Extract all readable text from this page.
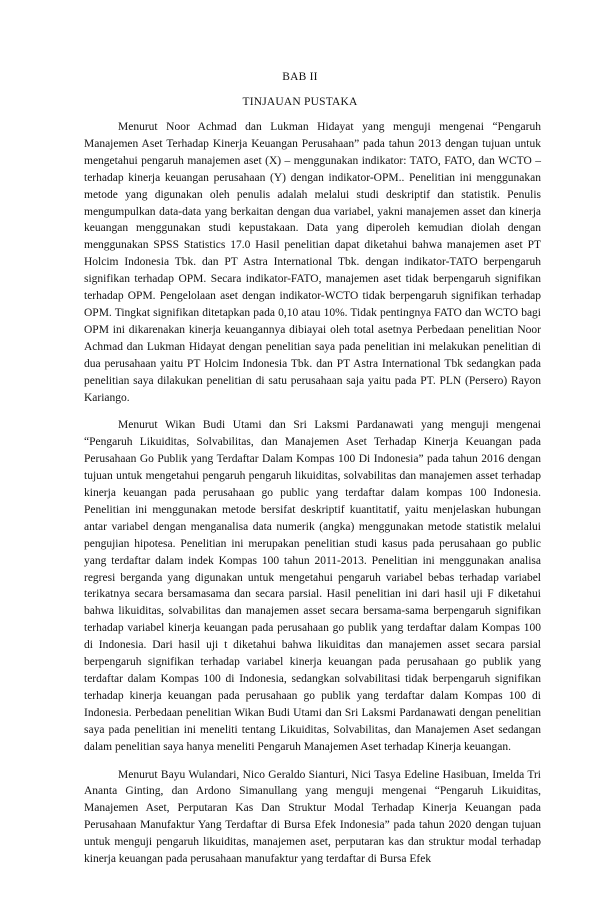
BAB II
TINJAUAN PUSTAKA

Menurut Noor Achmad dan Lukman Hidayat yang menguji mengenai “Pengaruh Manajemen Aset Terhadap Kinerja Keuangan Perusahaan” pada tahun 2013 dengan tujuan untuk mengetahui pengaruh manajemen aset (X) – menggunakan indikator: TATO, FATO, dan WCTO – terhadap kinerja keuangan perusahaan (Y) dengan indikator-OPM.. Penelitian ini menggunakan metode yang digunakan oleh penulis adalah melalui studi deskriptif dan statistik. Penulis mengumpulkan data-data yang berkaitan dengan dua variabel, yakni manajemen asset dan kinerja keuangan menggunakan studi kepustakaan. Data yang diperoleh kemudian diolah dengan menggunakan SPSS Statistics 17.0 Hasil penelitian dapat diketahui bahwa manajemen aset PT Holcim Indonesia Tbk. dan PT Astra International Tbk. dengan indikator-TATO berpengaruh signifikan terhadap OPM. Secara indikator-FATO, manajemen aset tidak berpengaruh signifikan terhadap OPM. Pengelolaan aset dengan indikator-WCTO tidak berpengaruh signifikan terhadap OPM. Tingkat signifikan ditetapkan pada 0,10 atau 10%. Tidak pentingnya FATO dan WCTO bagi OPM ini dikarenakan kinerja keuangannya dibiayai oleh total asetnya Perbedaan penelitian Noor Achmad dan Lukman Hidayat dengan penelitian saya pada penelitian ini melakukan penelitian di dua perusahaan yaitu PT Holcim Indonesia Tbk. dan PT Astra International Tbk sedangkan pada penelitian saya dilakukan penelitian di satu perusahaan saja yaitu pada PT. PLN (Persero) Rayon Kariango.

Menurut Wikan Budi Utami dan Sri Laksmi Pardanawati yang menguji mengenai “Pengaruh Likuiditas, Solvabilitas, dan Manajemen Aset Terhadap Kinerja Keuangan pada Perusahaan Go Publik yang Terdaftar Dalam Kompas 100 Di Indonesia” pada tahun 2016 dengan tujuan untuk mengetahui pengaruh pengaruh likuiditas, solvabilitas dan manajemen asset terhadap kinerja keuangan pada perusahaan go public yang terdaftar dalam kompas 100 Indonesia. Penelitian ini menggunakan metode bersifat deskriptif kuantitatif, yaitu menjelaskan hubungan antar variabel dengan menganalisa data numerik (angka) menggunakan metode statistik melalui pengujian hipotesa. Penelitian ini merupakan penelitian studi kasus pada perusahaan go public yang terdaftar dalam indek Kompas 100 tahun 2011-2013. Penelitian ini menggunakan analisa regresi berganda yang digunakan untuk mengetahui pengaruh variabel bebas terhadap variabel terikatnya secara bersamasama dan secara parsial. Hasil penelitian ini dari hasil uji F diketahui bahwa likuiditas, solvabilitas dan manajemen asset secara bersama-sama berpengaruh signifikan terhadap variabel kinerja keuangan pada perusahaan go publik yang terdaftar dalam Kompas 100 di Indonesia. Dari hasil uji t diketahui bahwa likuiditas dan manajemen asset secara parsial berpengaruh signifikan terhadap variabel kinerja keuangan pada perusahaan go publik yang terdaftar dalam Kompas 100 di Indonesia, sedangkan solvabilitasi tidak berpengaruh signifikan terhadap kinerja keuangan pada perusahaan go publik yang terdaftar dalam Kompas 100 di Indonesia. Perbedaan penelitian Wikan Budi Utami dan Sri Laksmi Pardanawati dengan penelitian saya pada penelitian ini meneliti tentang Likuiditas, Solvabilitas, dan Manajemen Aset sedangan dalam penelitian saya hanya meneliti Pengaruh Manajemen Aset terhadap Kinerja keuangan.

Menurut Bayu Wulandari, Nico Geraldo Sianturi, Nici Tasya Edeline Hasibuan, Imelda Tri Ananta Ginting, dan Ardono Simanullang yang menguji mengenai “Pengaruh Likuiditas, Manajemen Aset, Perputaran Kas Dan Struktur Modal Terhadap Kinerja Keuangan pada Perusahaan Manufaktur Yang Terdaftar di Bursa Efek Indonesia” pada tahun 2020 dengan tujuan untuk menguji pengaruh likuiditas, manajemen aset, perputaran kas dan struktur modal terhadap kinerja keuangan pada perusahaan manufaktur yang terdaftar di Bursa Efek
